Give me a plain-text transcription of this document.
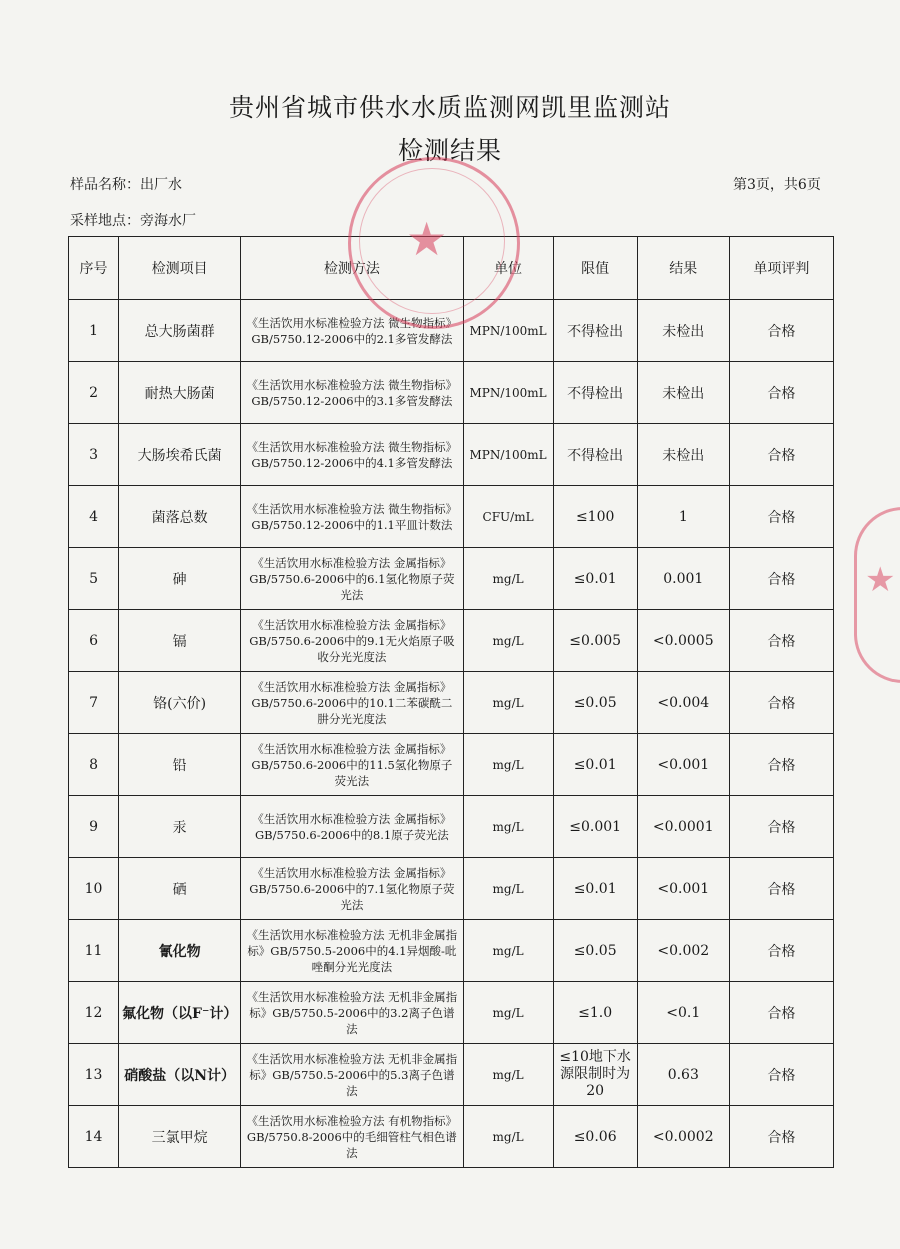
贵州省城市供水水质监测网凯里监测站
检测结果
样品名称：出厂水	第3页，共6页
采样地点：旁海水厂
序号	检测项目	检测方法	单位	限值	结果	单项评判
1	总大肠菌群	《生活饮用水标准检验方法 微生物指标》GB/5750.12-2006中的2.1多管发酵法	MPN/100mL	不得检出	未检出	合格
2	耐热大肠菌	《生活饮用水标准检验方法 微生物指标》GB/5750.12-2006中的3.1多管发酵法	MPN/100mL	不得检出	未检出	合格
3	大肠埃希氏菌	《生活饮用水标准检验方法 微生物指标》GB/5750.12-2006中的4.1多管发酵法	MPN/100mL	不得检出	未检出	合格
4	菌落总数	《生活饮用水标准检验方法 微生物指标》GB/5750.12-2006中的1.1平皿计数法	CFU/mL	≤100	1	合格
5	砷	《生活饮用水标准检验方法 金属指标》GB/5750.6-2006中的6.1氢化物原子荧光法	mg/L	≤0.01	0.001	合格
6	镉	《生活饮用水标准检验方法 金属指标》GB/5750.6-2006中的9.1无火焰原子吸收分光光度法	mg/L	≤0.005	<0.0005	合格
7	铬(六价)	《生活饮用水标准检验方法 金属指标》GB/5750.6-2006中的10.1二苯碳酰二肼分光光度法	mg/L	≤0.05	<0.004	合格
8	铅	《生活饮用水标准检验方法 金属指标》GB/5750.6-2006中的11.5氢化物原子荧光法	mg/L	≤0.01	<0.001	合格
9	汞	《生活饮用水标准检验方法 金属指标》GB/5750.6-2006中的8.1原子荧光法	mg/L	≤0.001	<0.0001	合格
10	硒	《生活饮用水标准检验方法 金属指标》GB/5750.6-2006中的7.1氢化物原子荧光法	mg/L	≤0.01	<0.001	合格
11	氰化物	《生活饮用水标准检验方法 无机非金属指标》GB/5750.5-2006中的4.1异烟酸-吡唑酮分光光度法	mg/L	≤0.05	<0.002	合格
12	氟化物（以F⁻计）	《生活饮用水标准检验方法 无机非金属指标》GB/5750.5-2006中的3.2离子色谱法	mg/L	≤1.0	<0.1	合格
13	硝酸盐（以N计）	《生活饮用水标准检验方法 无机非金属指标》GB/5750.5-2006中的5.3离子色谱法	mg/L	≤10地下水源限制时为20	0.63	合格
14	三氯甲烷	《生活饮用水标准检验方法 有机物指标》GB/5750.8-2006中的毛细管柱气相色谱法	mg/L	≤0.06	<0.0002	合格
★
★
